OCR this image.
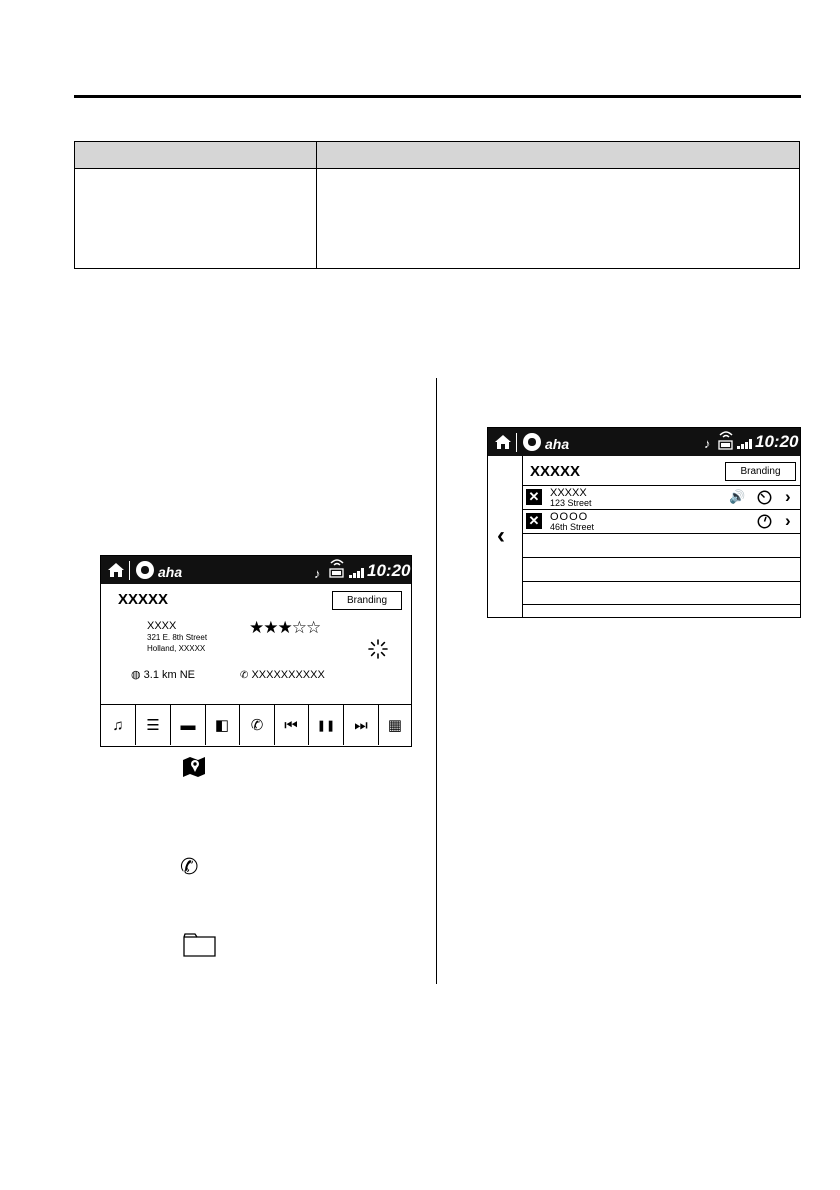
aha	♪	10:20
XXXXX	Branding
XXXX
321 E. 8th Street
Holland, XXXXX
★★★☆☆
◍ 3.1 km NE	✆ XXXXXXXXXX
♫	☰	▬	◧	✆	⏮	❚❚	⏭	▦
✆
aha	♪	10:20
‹
XXXXX	Branding
✕ XXXXX
123 Street	🔊 ›
✕ OOOO
46th Street	›
